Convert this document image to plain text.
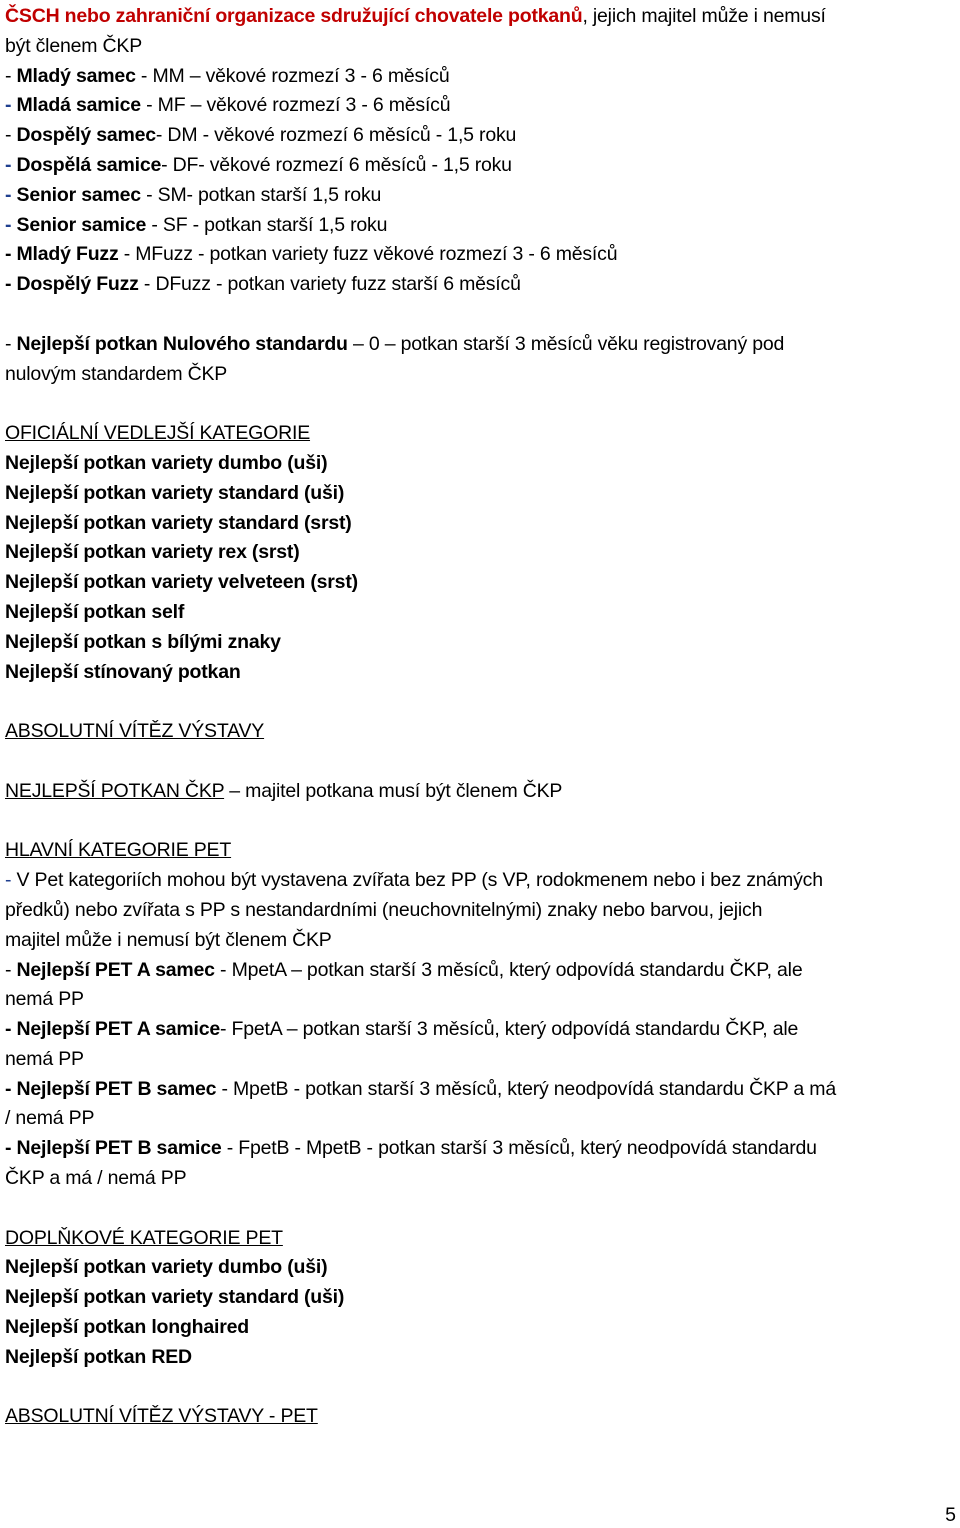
ČSCH nebo zahraniční organizace sdružující chovatele potkanů, jejich majitel může i nemusí
být členem ČKP
- Mladý samec - MM – věkové rozmezí 3 - 6 měsíců
- Mladá samice - MF – věkové rozmezí 3 - 6 měsíců
- Dospělý samec- DM - věkové rozmezí 6 měsíců - 1,5 roku
- Dospělá samice- DF- věkové rozmezí 6 měsíců - 1,5 roku
- Senior samec - SM- potkan starší 1,5 roku
- Senior samice - SF - potkan starší 1,5 roku
- Mladý Fuzz - MFuzz - potkan variety fuzz věkové rozmezí 3 - 6 měsíců
- Dospělý Fuzz - DFuzz - potkan variety fuzz starší 6 měsíců
- Nejlepší potkan Nulového standardu – 0 – potkan starší 3 měsíců věku registrovaný pod
nulovým standardem ČKP
OFICIÁLNÍ VEDLEJŠÍ KATEGORIE
Nejlepší potkan variety dumbo (uši)
Nejlepší potkan variety standard (uši)
Nejlepší potkan variety standard (srst)
Nejlepší potkan variety rex (srst)
Nejlepší potkan variety velveteen (srst)
Nejlepší potkan self
Nejlepší potkan s bílými znaky
Nejlepší stínovaný potkan
ABSOLUTNÍ VÍTĚZ VÝSTAVY
NEJLEPŠÍ POTKAN ČKP – majitel potkana musí být členem ČKP
HLAVNÍ KATEGORIE PET
- V Pet kategoriích mohou být vystavena zvířata bez PP (s VP, rodokmenem nebo i bez známých
předků) nebo zvířata s PP s nestandardními (neuchovnitelnými) znaky nebo barvou, jejich
majitel může i nemusí být členem ČKP
- Nejlepší PET A samec - MpetA – potkan starší 3 měsíců, který odpovídá standardu ČKP, ale
nemá PP
- Nejlepší PET A samice- FpetA – potkan starší 3 měsíců, který odpovídá standardu ČKP, ale
nemá PP
- Nejlepší PET B samec - MpetB - potkan starší 3 měsíců, který neodpovídá standardu ČKP a má
/ nemá PP
- Nejlepší PET B samice - FpetB - MpetB - potkan starší 3 měsíců, který neodpovídá standardu
ČKP a má / nemá PP
DOPLŇKOVÉ KATEGORIE PET
Nejlepší potkan variety dumbo (uši)
Nejlepší potkan variety standard (uši)
Nejlepší potkan longhaired
Nejlepší potkan RED
ABSOLUTNÍ VÍTĚZ VÝSTAVY - PET
5
